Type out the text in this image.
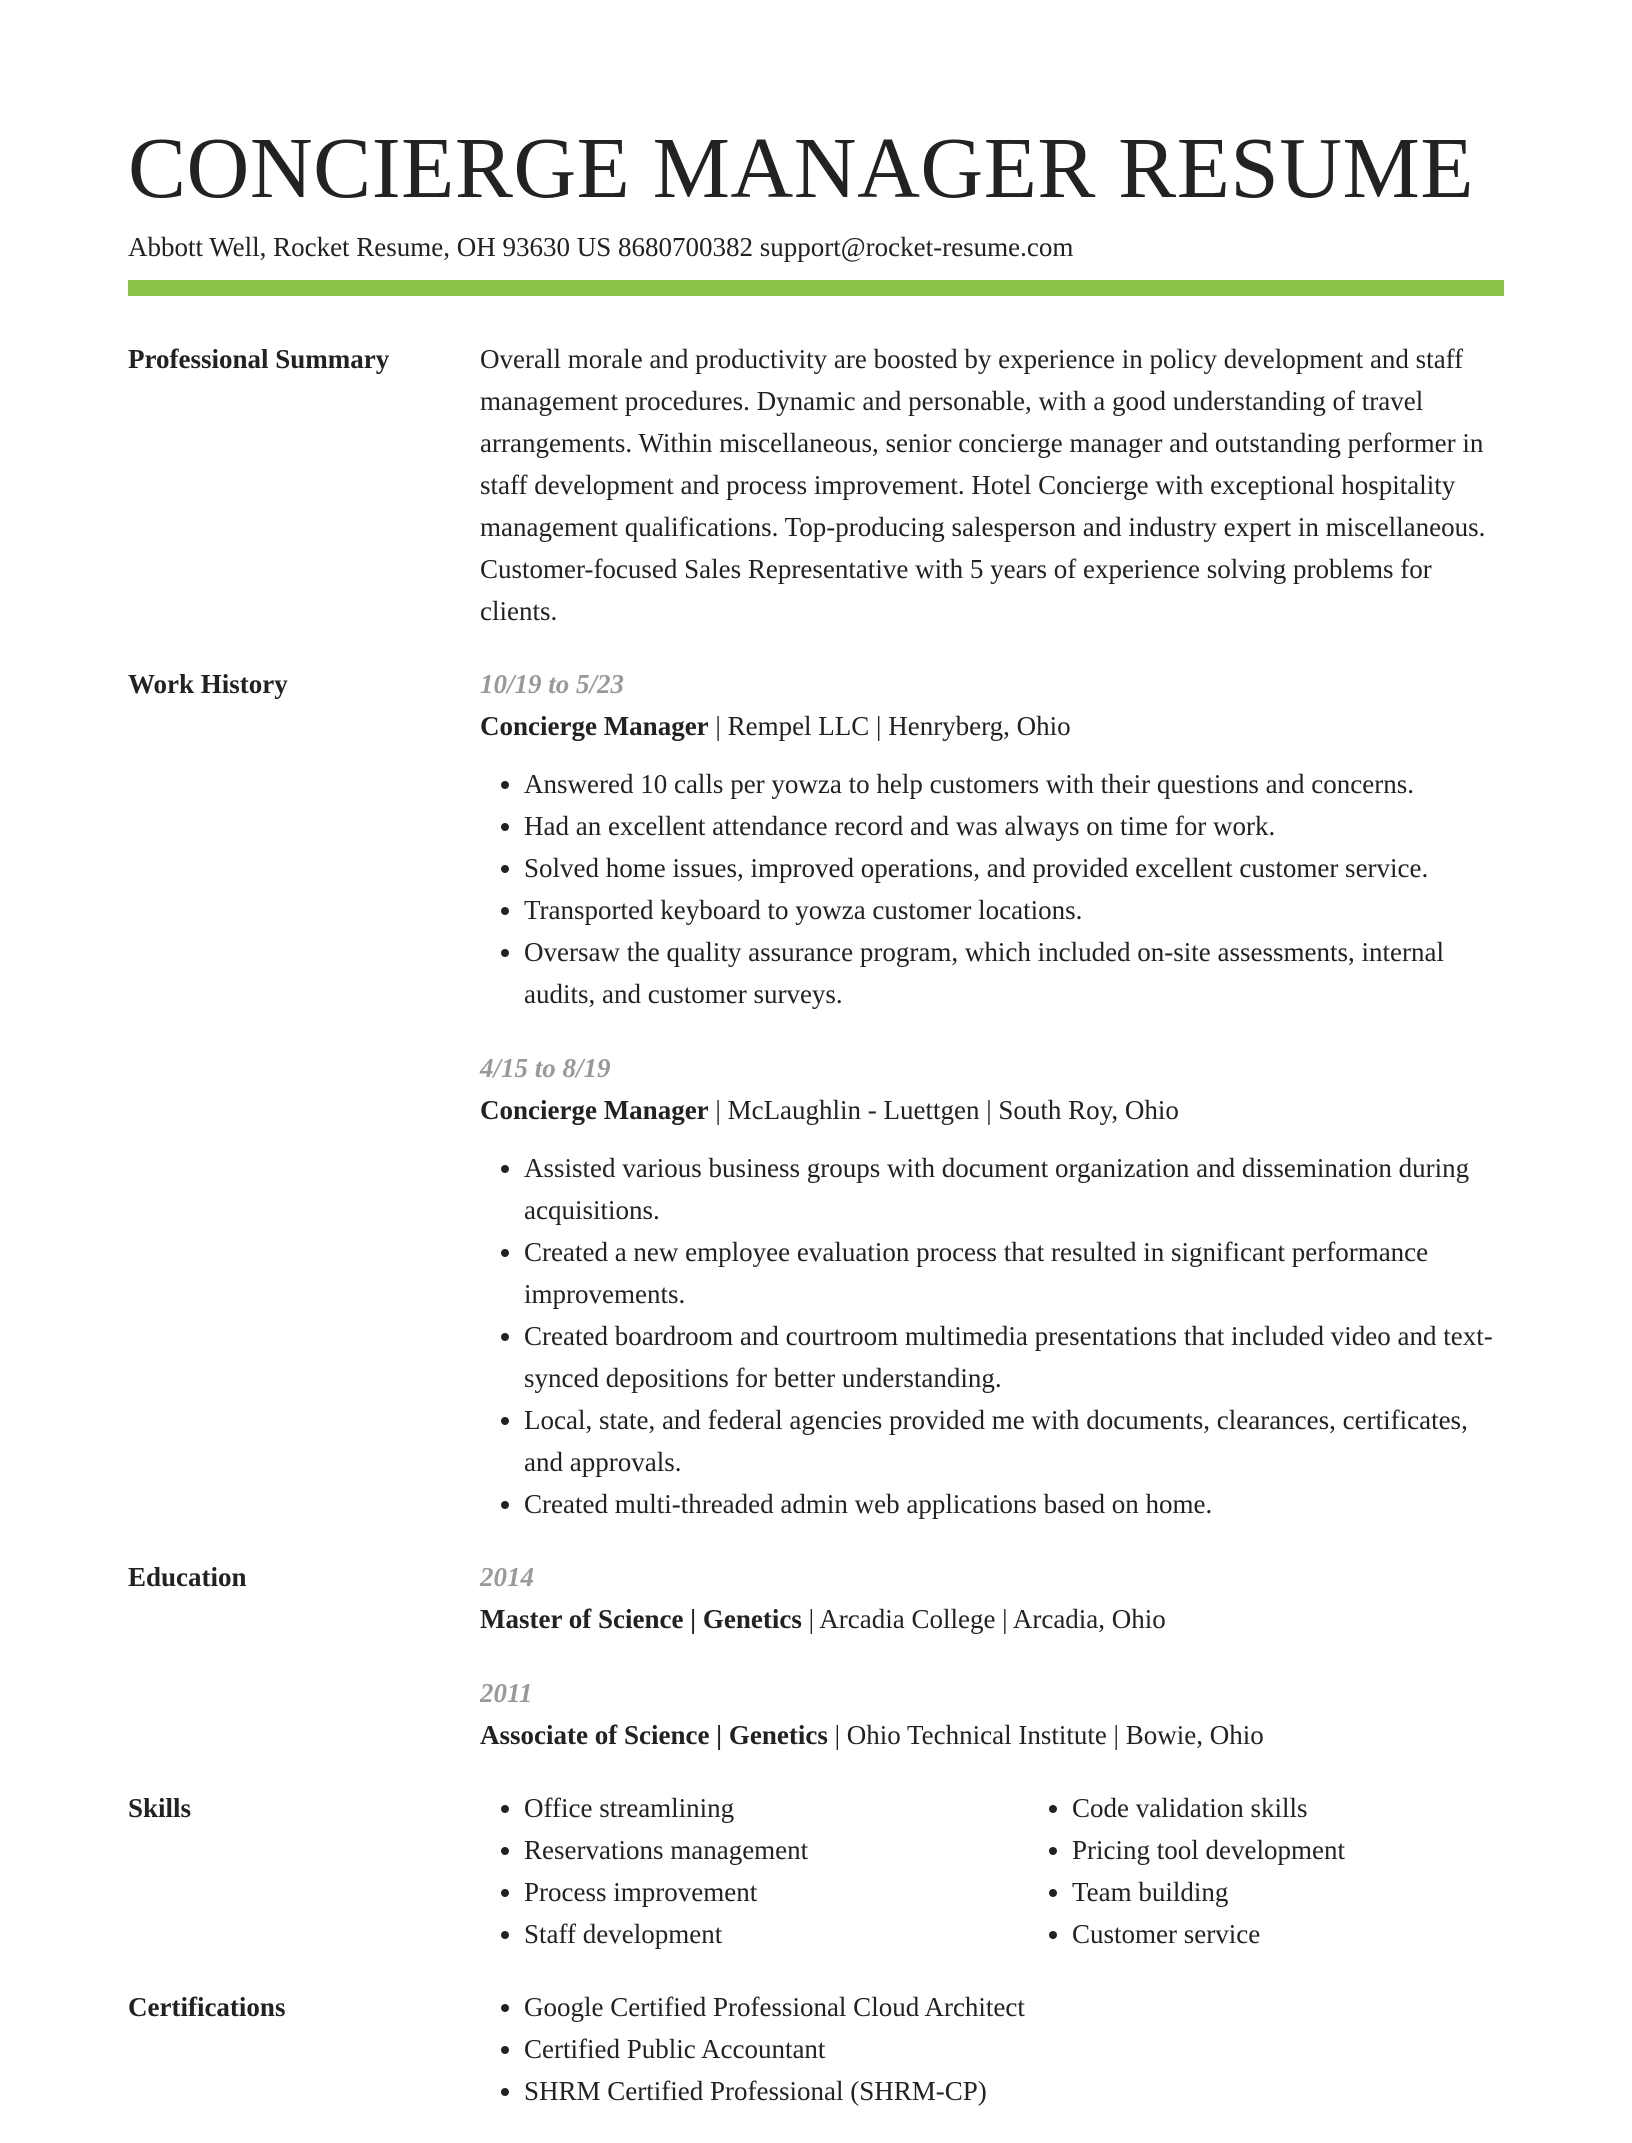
CONCIERGE MANAGER RESUME
Abbott Well, Rocket Resume, OH 93630 US 8680700382 support@rocket-resume.com
Professional Summary	Overall morale and productivity are boosted by experience in policy development and staff management procedures. Dynamic and personable, with a good understanding of travel arrangements. Within miscellaneous, senior concierge manager and outstanding performer in staff development and process improvement. Hotel Concierge with exceptional hospitality management qualifications. Top-producing salesperson and industry expert in miscellaneous. Customer-focused Sales Representative with 5 years of experience solving problems for clients.

Work History	10/19 to 5/23
Concierge Manager | Rempel LLC | Henryberg, Ohio
• Answered 10 calls per yowza to help customers with their questions and concerns.
• Had an excellent attendance record and was always on time for work.
• Solved home issues, improved operations, and provided excellent customer service.
• Transported keyboard to yowza customer locations.
• Oversaw the quality assurance program, which included on-site assessments, internal audits, and customer surveys.
4/15 to 8/19
Concierge Manager | McLaughlin - Luettgen | South Roy, Ohio
• Assisted various business groups with document organization and dissemination during acquisitions.
• Created a new employee evaluation process that resulted in significant performance improvements.
• Created boardroom and courtroom multimedia presentations that included video and text-synced depositions for better understanding.
• Local, state, and federal agencies provided me with documents, clearances, certificates, and approvals.
• Created multi-threaded admin web applications based on home.
Education	2014
Master of Science | Genetics | Arcadia College | Arcadia, Ohio
2011
Associate of Science | Genetics | Ohio Technical Institute | Bowie, Ohio
Skills	• Office streamlining
• Reservations management
• Process improvement
• Staff development
• Code validation skills
• Pricing tool development
• Team building
• Customer service
Certifications	• Google Certified Professional Cloud Architect
• Certified Public Accountant
• SHRM Certified Professional (SHRM-CP)
